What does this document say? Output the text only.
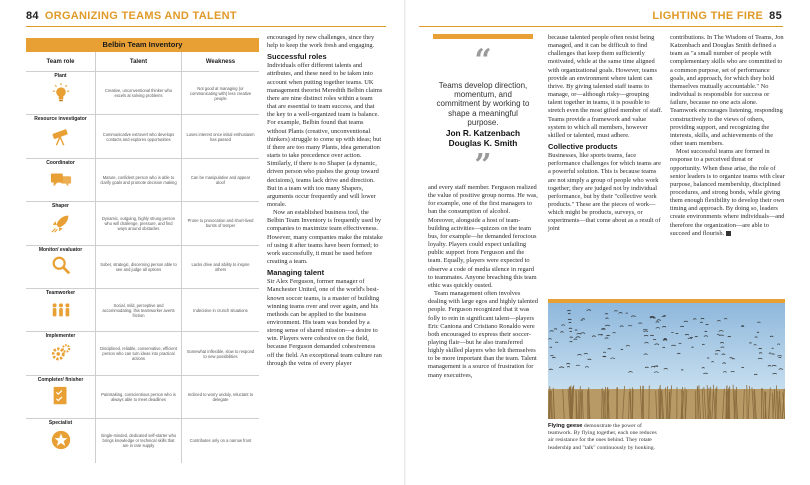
84 ORGANIZING TEAMS AND TALENT
Belbin Team Inventory
Team role	Talent	Weakness
Plant
Creative, unconventional thinker who excels at solving problems
Not good at managing (or communicating with) less creative people
Resource investigator
Communicative extrovert who develops contacts and explores opportunities
Loses interest once initial enthusiasm has passed
Coordinator
Mature, confident person who is able to clarify goals and promote decision making
Can be manipulative and appear aloof
Shaper
Dynamic, outgoing, highly strung person who will challenge, pressure, and find ways around obstacles
Prone to provocation and short-lived bursts of temper
Monitor/ evaluator
Sober, strategic, discerning person able to see and judge all options
Lacks drive and ability to inspire others
Teamworker
Social, mild, perceptive and accommodating, this teamworker averts friction
Indecisive in crunch situations
Implementer
Disciplined, reliable, conservative, efficient person who can turn ideas into practical actions
Somewhat inflexible, slow to respond to new possibilities
Completer/ finisher
Painstaking, conscientious person who is always able to meet deadlines
Inclined to worry unduly, reluctant to delegate
Specialist
Single-minded, dedicated self-starter who brings knowledge or technical skills that are in rare supply
Contributes only on a narrow front

encouraged by new challenges, since they help to keep the work fresh and engaging.

Successful roles

Individuals offer different talents and attributes, and these need to be taken into account when putting together teams. UK management theorist Meredith Belbin claims there are nine distinct roles within a team that are essential to team success, and that the key to a well-organized team is balance. For example, Belbin found that teams without Plants (creative, unconventional thinkers) struggle to come up with ideas; but if there are too many Plants, idea generation starts to take precedence over action. Similarly, if there is no Shaper (a dynamic, driven person who pushes the group toward decisions), teams lack drive and direction. But in a team with too many Shapers, arguments occur frequently and will lower morale.

Now an established business tool, the Belbin Team Inventory is frequently used by companies to maximize team effectiveness. However, many companies make the mistake of using it after teams have been formed; to work successfully, it must be used before creating a team.

Managing talent

Sir Alex Ferguson, former manager of Manchester United, one of the world's best-known soccer teams, is a master of building winning teams over and over again, and his methods can be applied to the business environment. His team was bonded by a strong sense of shared mission—a desire to win. Players were cohesive on the field, because Ferguson demanded cohesiveness off the field. An exceptional team culture ran through the veins of every player

LIGHTING THE FIRE 85
“
Teams develop direction, momentum, and commitment by working to shape a meaningful purpose.
Jon R. Katzenbach
Douglas K. Smith
”

and every staff member. Ferguson realized the value of positive group norms. He was, for example, one of the first managers to ban the consumption of alcohol. Moreover, alongside a host of team-building activities—quizzes on the team bus, for example—he demanded ferocious loyalty. Players could expect unfailing public support from Ferguson and the team. Equally, players were expected to observe a code of media silence in regard to teammates. Anyone breaching this team ethic was quickly ousted.

Team management often involves dealing with large egos and highly talented people. Ferguson recognized that it was folly to rein in significant talent—players Eric Cantona and Cristiano Ronaldo were both encouraged to express their soccer-playing flair—but he also transferred highly skilled players who felt themselves to be more important than the team. Talent management is a source of frustration for many executives,

because talented people often resist being managed, and it can be difficult to find challenges that keep them sufficiently motivated, while at the same time aligned with organizational goals. However, teams provide an environment where talent can thrive. By giving talented staff teams to manage, or—although risky—grouping talent together in teams, it is possible to stretch even the most gifted member of staff. Teams provide a framework and value system to which all members, however skilled or talented, must adhere.

Collective products

Businesses, like sports teams, face performance challenges for which teams are a powerful solution. This is because teams are not simply a group of people who work together; they are judged not by individual performance, but by their "collective work products." These are the pieces of work—which might be products, surveys, or experiments—that come about as a result of joint

contributions. In The Wisdom of Teams, Jon Katzenbach and Douglas Smith defined a team as "a small number of people with complementary skills who are committed to a common purpose, set of performance goals, and approach, for which they hold themselves mutually accountable." No individual is responsible for success or failure, because no one acts alone. Teamwork encourages listening, responding constructively to the views of others, providing support, and recognizing the interests, skills, and achievements of the other team members.

Most successful teams are formed in response to a perceived threat or opportunity. When these arise, the role of senior leaders is to organize teams with clear purpose, balanced membership, disciplined procedures, and strong bonds, while giving them enough flexibility to develop their own timing and approach. By doing so, leaders create environments where individuals—and therefore the organization—are able to succeed and flourish.

Flying geese demonstrate the power of teamwork. By flying together, each one reduces air resistance for the ones behind. They rotate leadership and "talk" continuously by honking.
